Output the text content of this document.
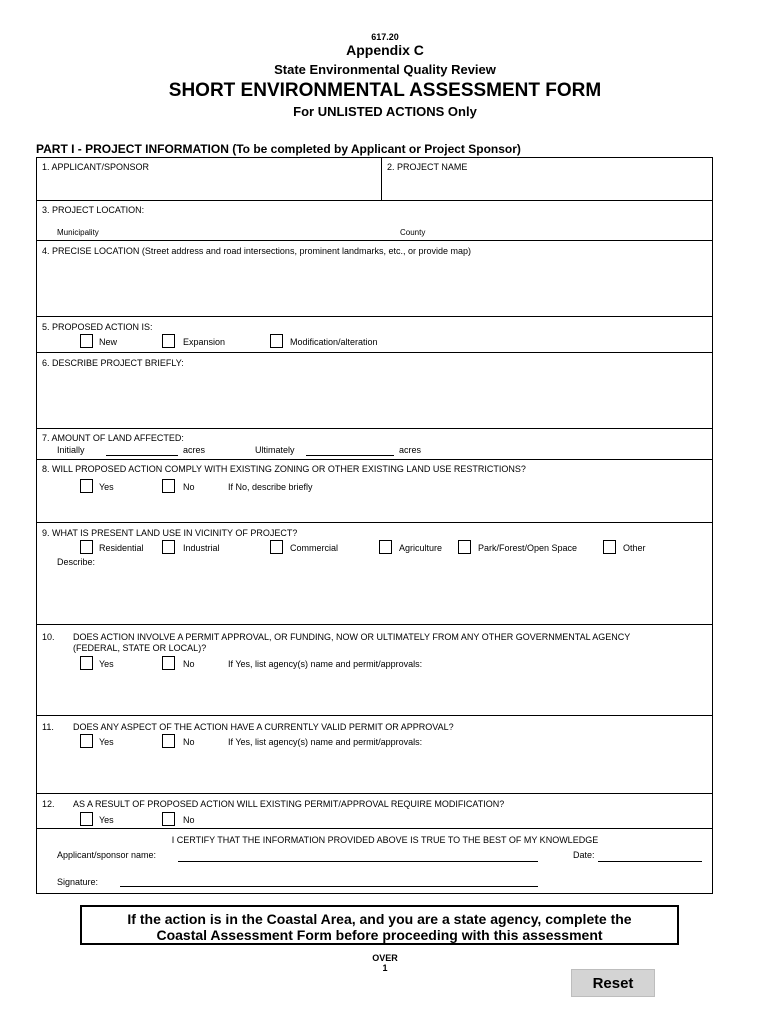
617.20
Appendix C
State Environmental Quality Review
SHORT ENVIRONMENTAL ASSESSMENT FORM
For UNLISTED ACTIONS Only
PART I - PROJECT INFORMATION (To be completed by Applicant or Project Sponsor)
1. APPLICANT/SPONSOR	2. PROJECT NAME
3. PROJECT LOCATION:
Municipality	County
4. PRECISE LOCATION (Street address and road intersections, prominent landmarks, etc., or provide map)
5. PROPOSED ACTION IS:
New	Expansion	Modification/alteration
6. DESCRIBE PROJECT BRIEFLY:
7. AMOUNT OF LAND AFFECTED:
Initially	acres	Ultimately	acres
8. WILL PROPOSED ACTION COMPLY WITH EXISTING ZONING OR OTHER EXISTING LAND USE RESTRICTIONS?
Yes	No	If No, describe briefly
9. WHAT IS PRESENT LAND USE IN VICINITY OF PROJECT?
Residential	Industrial	Commercial	Agriculture	Park/Forest/Open Space	Other
Describe:
10. DOES ACTION INVOLVE A PERMIT APPROVAL, OR FUNDING, NOW OR ULTIMATELY FROM ANY OTHER GOVERNMENTAL AGENCY
(FEDERAL, STATE OR LOCAL)?
Yes	No	If Yes, list agency(s) name and permit/approvals:
11. DOES ANY ASPECT OF THE ACTION HAVE A CURRENTLY VALID PERMIT OR APPROVAL?
Yes	No	If Yes, list agency(s) name and permit/approvals:
12. AS A RESULT OF PROPOSED ACTION WILL EXISTING PERMIT/APPROVAL REQUIRE MODIFICATION?
Yes	No
I CERTIFY THAT THE INFORMATION PROVIDED ABOVE IS TRUE TO THE BEST OF MY KNOWLEDGE
Applicant/sponsor name:	Date:
Signature:
If the action is in the Coastal Area, and you are a state agency, complete the
Coastal Assessment Form before proceeding with this assessment
OVER
1
Reset
